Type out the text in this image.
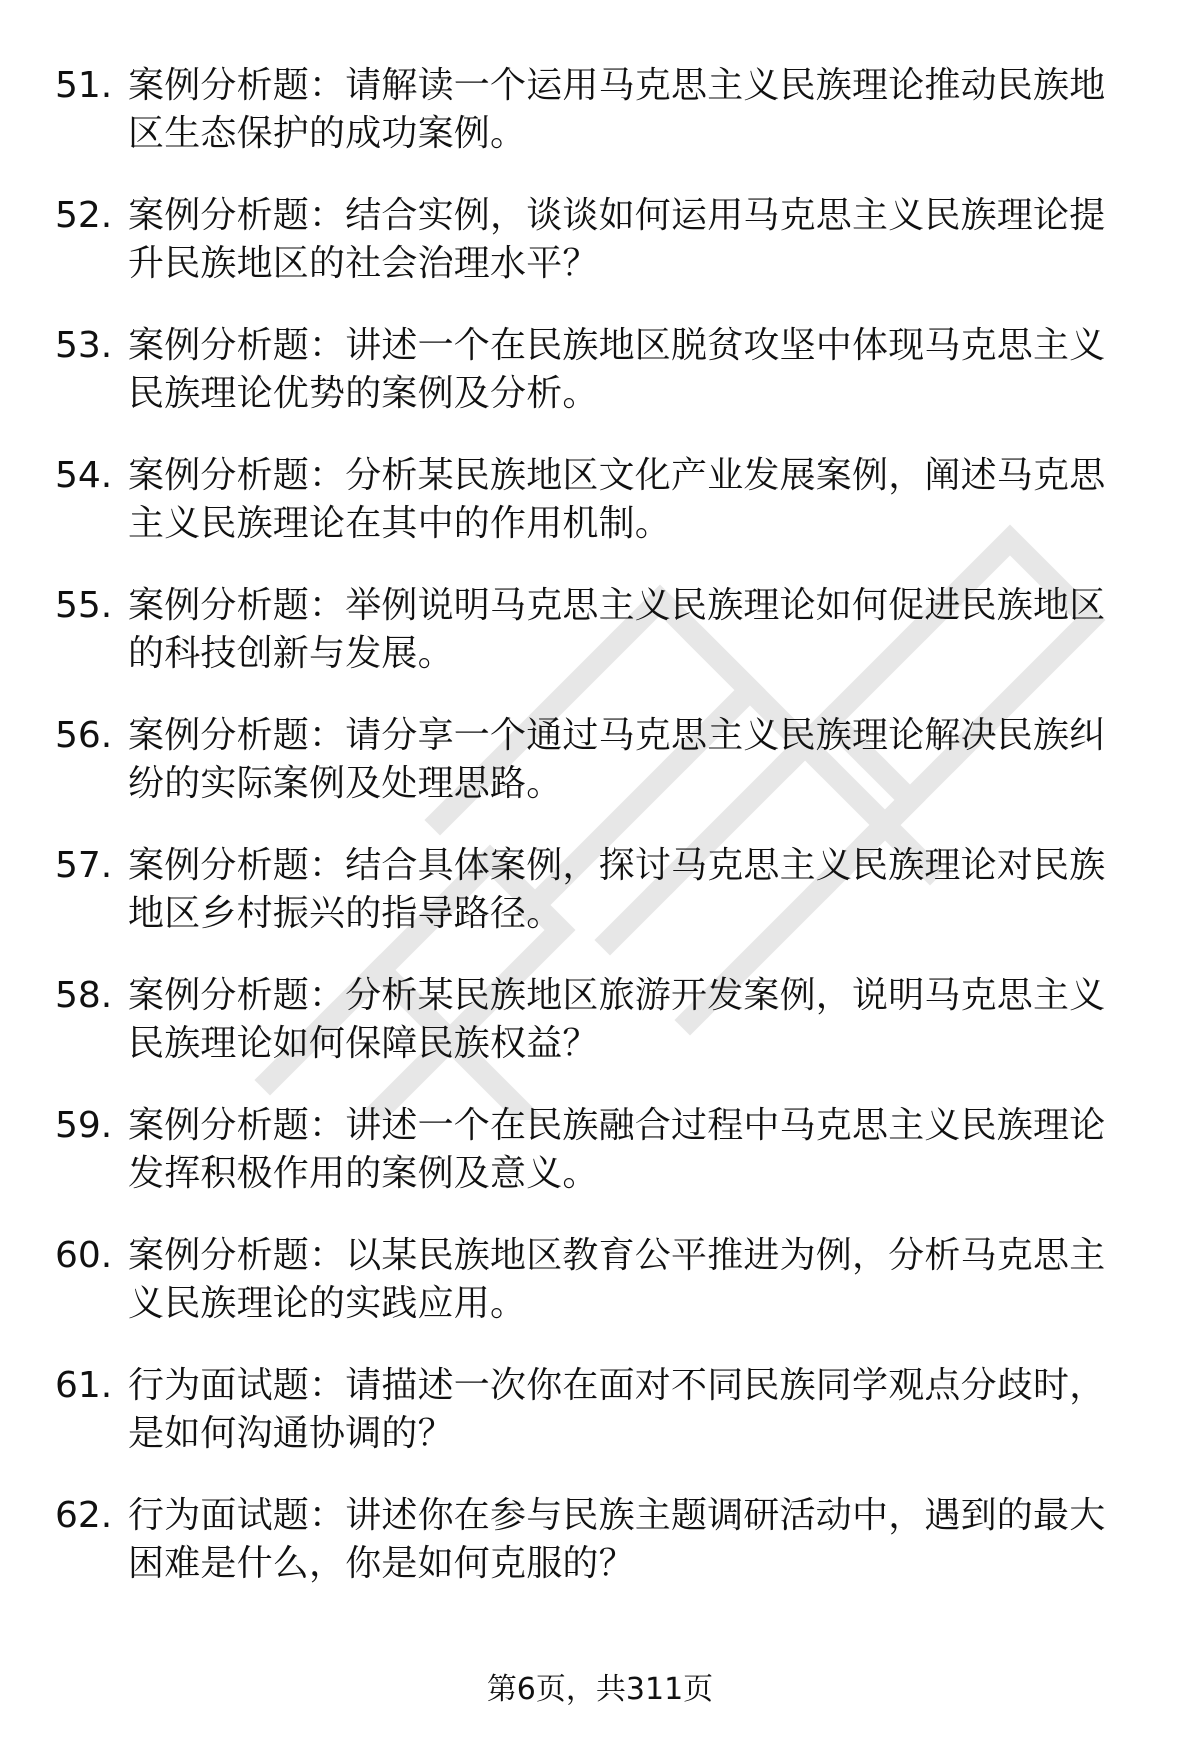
51. 案例分析题：请解读一个运用马克思主义民族理论推动民族地区生态保护的成功案例。
52. 案例分析题：结合实例，谈谈如何运用马克思主义民族理论提升民族地区的社会治理水平？
53. 案例分析题：讲述一个在民族地区脱贫攻坚中体现马克思主义民族理论优势的案例及分析。
54. 案例分析题：分析某民族地区文化产业发展案例，阐述马克思主义民族理论在其中的作用机制。
55. 案例分析题：举例说明马克思主义民族理论如何促进民族地区的科技创新与发展。
56. 案例分析题：请分享一个通过马克思主义民族理论解决民族纠纷的实际案例及处理思路。
57. 案例分析题：结合具体案例，探讨马克思主义民族理论对民族地区乡村振兴的指导路径。
58. 案例分析题：分析某民族地区旅游开发案例，说明马克思主义民族理论如何保障民族权益？
59. 案例分析题：讲述一个在民族融合过程中马克思主义民族理论发挥积极作用的案例及意义。
60. 案例分析题：以某民族地区教育公平推进为例，分析马克思主义民族理论的实践应用。
61. 行为面试题：请描述一次你在面对不同民族同学观点分歧时，是如何沟通协调的？
62. 行为面试题：讲述你在参与民族主题调研活动中，遇到的最大困难是什么，你是如何克服的？
第6页，共311页
